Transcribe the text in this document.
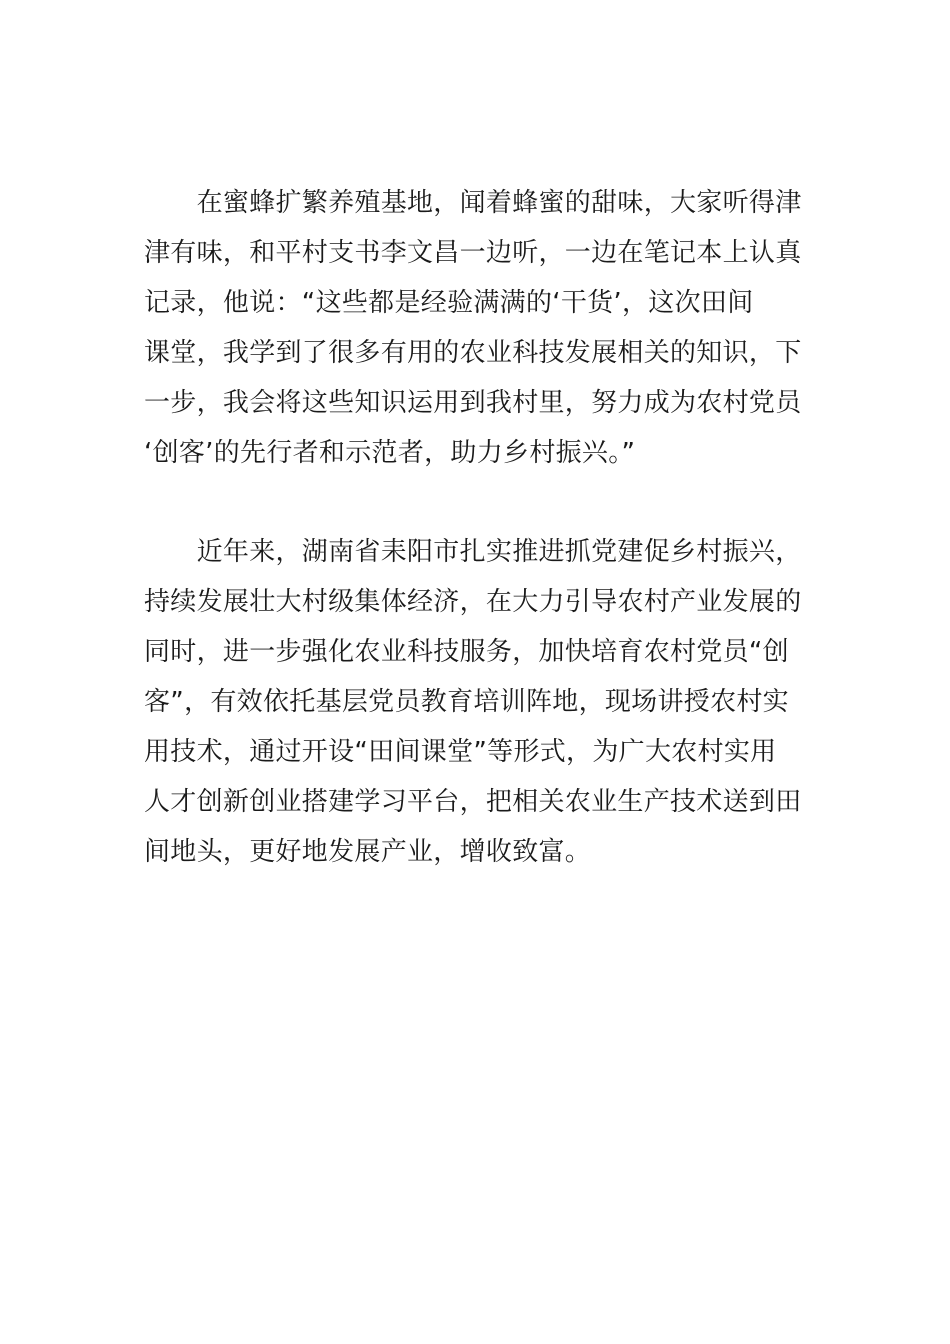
　　在蜜蜂扩繁养殖基地，闻着蜂蜜的甜味，大家听得津
津有味，和平村支书李文昌一边听，一边在笔记本上认真
记录，他说：“这些都是经验满满的‘干货’，这次田间
课堂，我学到了很多有用的农业科技发展相关的知识，下
一步，我会将这些知识运用到我村里，努力成为农村党员
‘创客’的先行者和示范者，助力乡村振兴。”
　　近年来，湖南省耒阳市扎实推进抓党建促乡村振兴，
持续发展壮大村级集体经济，在大力引导农村产业发展的
同时，进一步强化农业科技服务，加快培育农村党员“创
客”，有效依托基层党员教育培训阵地，现场讲授农村实
用技术，通过开设“田间课堂”等形式，为广大农村实用
人才创新创业搭建学习平台，把相关农业生产技术送到田
间地头，更好地发展产业，增收致富。
